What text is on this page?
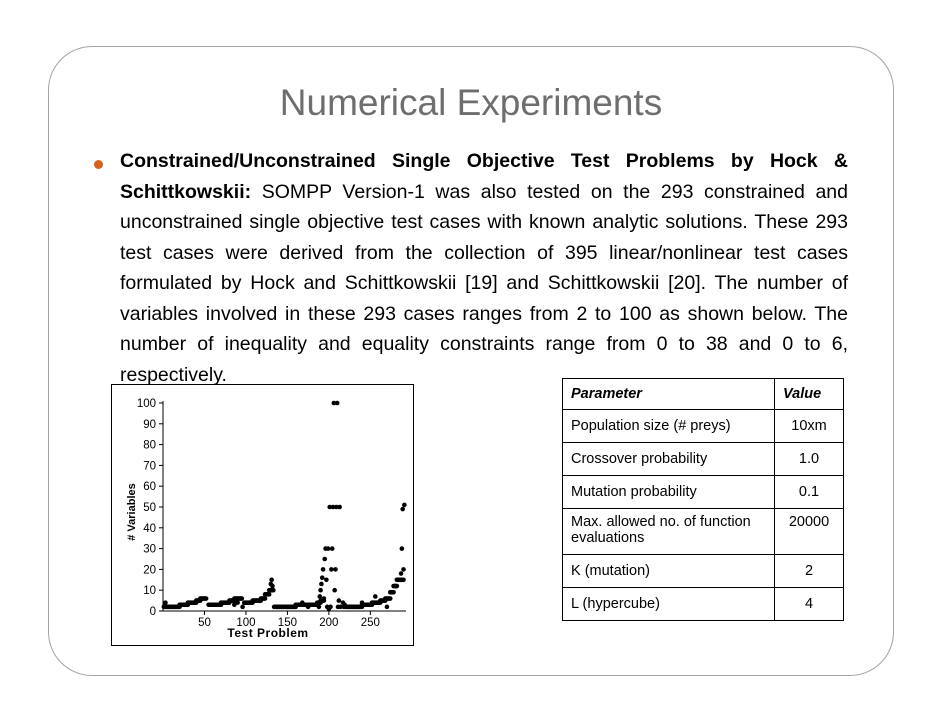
Numerical Experiments
Constrained/Unconstrained Single Objective Test Problems by Hock & Schittkowskii: SOMPP Version-1 was also tested on the 293 constrained and unconstrained single objective test cases with known analytic solutions. These 293 test cases were derived from the collection of 395 linear/nonlinear test cases formulated by Hock and Schittkowskii [19] and Schittkowskii [20]. The number of variables involved in these 293 cases ranges from 2 to 100 as shown below. The number of inequality and equality constraints range from 0 to 38 and 0 to 6, respectively.
0
10
20
30
40
50
60
70
80
90
100
50 100 150 200 250
Test Problem
# Variables
Parameter	Value
Population size (# preys)	10xm
Crossover probability	1.0
Mutation probability	0.1
Max. allowed no. of function evaluations	20000
K (mutation)	2
L (hypercube)	4
